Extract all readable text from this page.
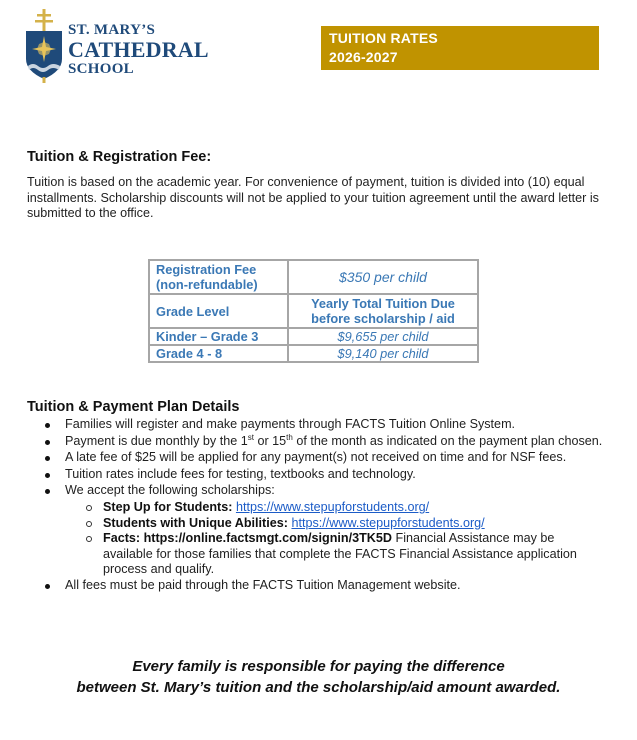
ST. MARY’S
CATHEDRAL
SCHOOL
TUITION RATES
2026-2027
Tuition & Registration Fee:
Tuition is based on the academic year. For convenience of payment, tuition is divided into (10) equal installments. Scholarship discounts will not be applied to your tuition agreement until the award letter is submitted to the office.
Registration Fee (non-refundable)	$350 per child
Grade Level	Yearly Total Tuition Due before scholarship / aid
Kinder – Grade 3	$9,655 per child
Grade 4 - 8	$9,140 per child
Tuition & Payment Plan Details
Families will register and make payments through FACTS Tuition Online System.
Payment is due monthly by the 1st or 15th of the month as indicated on the payment plan chosen.
A late fee of $25 will be applied for any payment(s) not received on time and for NSF fees.
Tuition rates include fees for testing, textbooks and technology.
We accept the following scholarships:
Step Up for Students: https://www.stepupforstudents.org/
Students with Unique Abilities: https://www.stepupforstudents.org/
Facts: https://online.factsmgt.com/signin/3TK5D Financial Assistance may be available for those families that complete the FACTS Financial Assistance application process and qualify.
All fees must be paid through the FACTS Tuition Management website.
Every family is responsible for paying the difference
between St. Mary’s tuition and the scholarship/aid amount awarded.
